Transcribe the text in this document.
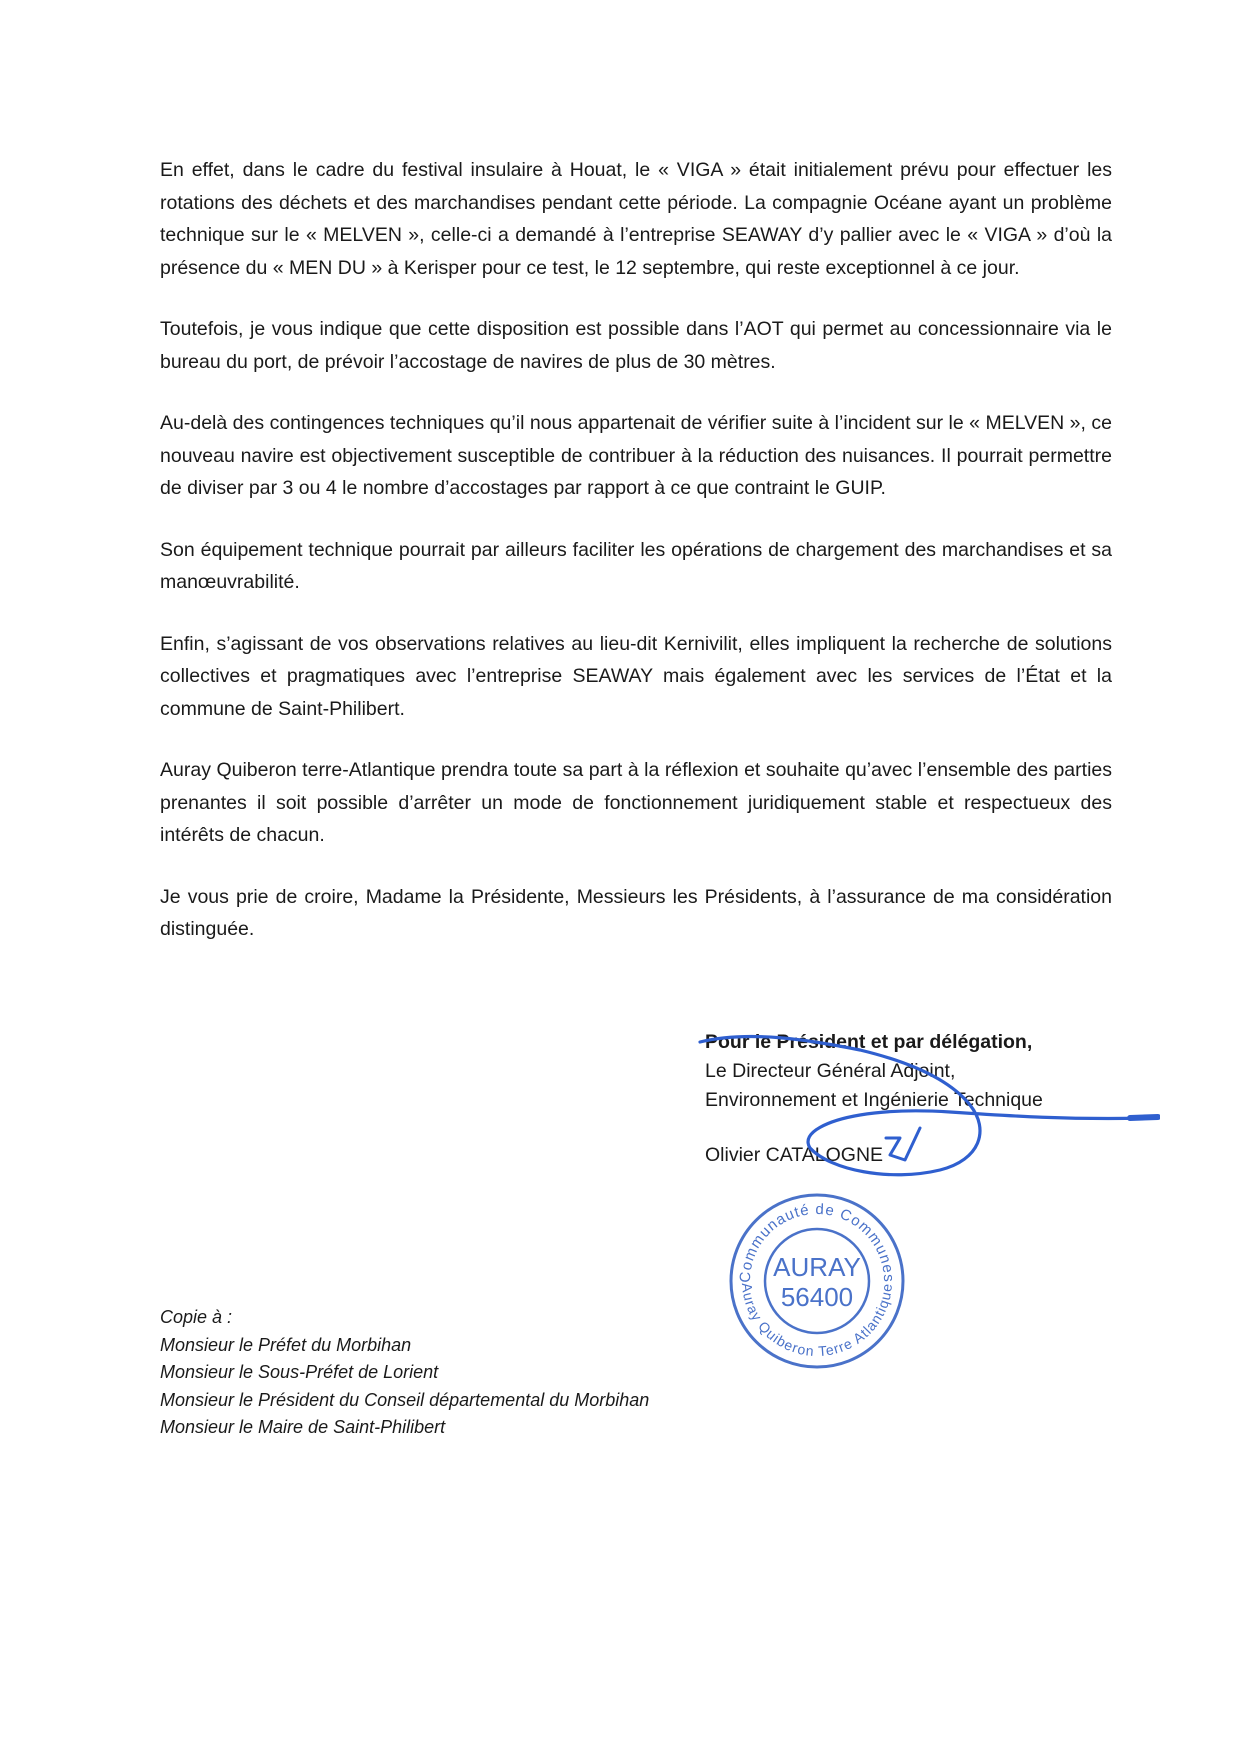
En effet, dans le cadre du festival insulaire à Houat, le « VIGA » était initialement prévu pour effectuer les rotations des déchets et des marchandises pendant cette période. La compagnie Océane ayant un problème technique sur le « MELVEN », celle-ci a demandé à l’entreprise SEAWAY d’y pallier avec le « VIGA » d’où la présence du « MEN DU » à Kerisper pour ce test, le 12 septembre, qui reste exceptionnel à ce jour.

Toutefois, je vous indique que cette disposition est possible dans l’AOT qui permet au concessionnaire via le bureau du port, de prévoir l’accostage de navires de plus de 30 mètres.

Au-delà des contingences techniques qu’il nous appartenait de vérifier suite à l’incident sur le « MELVEN », ce nouveau navire est objectivement susceptible de contribuer à la réduction des nuisances. Il pourrait permettre de diviser par 3 ou 4 le nombre d’accostages par rapport à ce que contraint le GUIP.

Son équipement technique pourrait par ailleurs faciliter les opérations de chargement des marchandises et sa manœuvrabilité.

Enfin, s’agissant de vos observations relatives au lieu-dit Kernivilit, elles impliquent la recherche de solutions collectives et pragmatiques avec l’entreprise SEAWAY mais également avec les services de l’État et la commune de Saint-Philibert.

Auray Quiberon terre-Atlantique prendra toute sa part à la réflexion et souhaite qu’avec l’ensemble des parties prenantes il soit possible d’arrêter un mode de fonctionnement juridiquement stable et respectueux des intérêts de chacun.

Je vous prie de croire, Madame la Présidente, Messieurs les Présidents, à l’assurance de ma considération distinguée.

Pour le Président et par délégation,
Le Directeur Général Adjoint,
Environnement et Ingénierie Technique
Olivier CATALOGNE
Communauté de Communes
Auray Quiberon Terre Atlantique
AURAY
56400
Copie à :
Monsieur le Préfet du Morbihan
Monsieur le Sous-Préfet de Lorient
Monsieur le Président du Conseil départemental du Morbihan
Monsieur le Maire de Saint-Philibert
